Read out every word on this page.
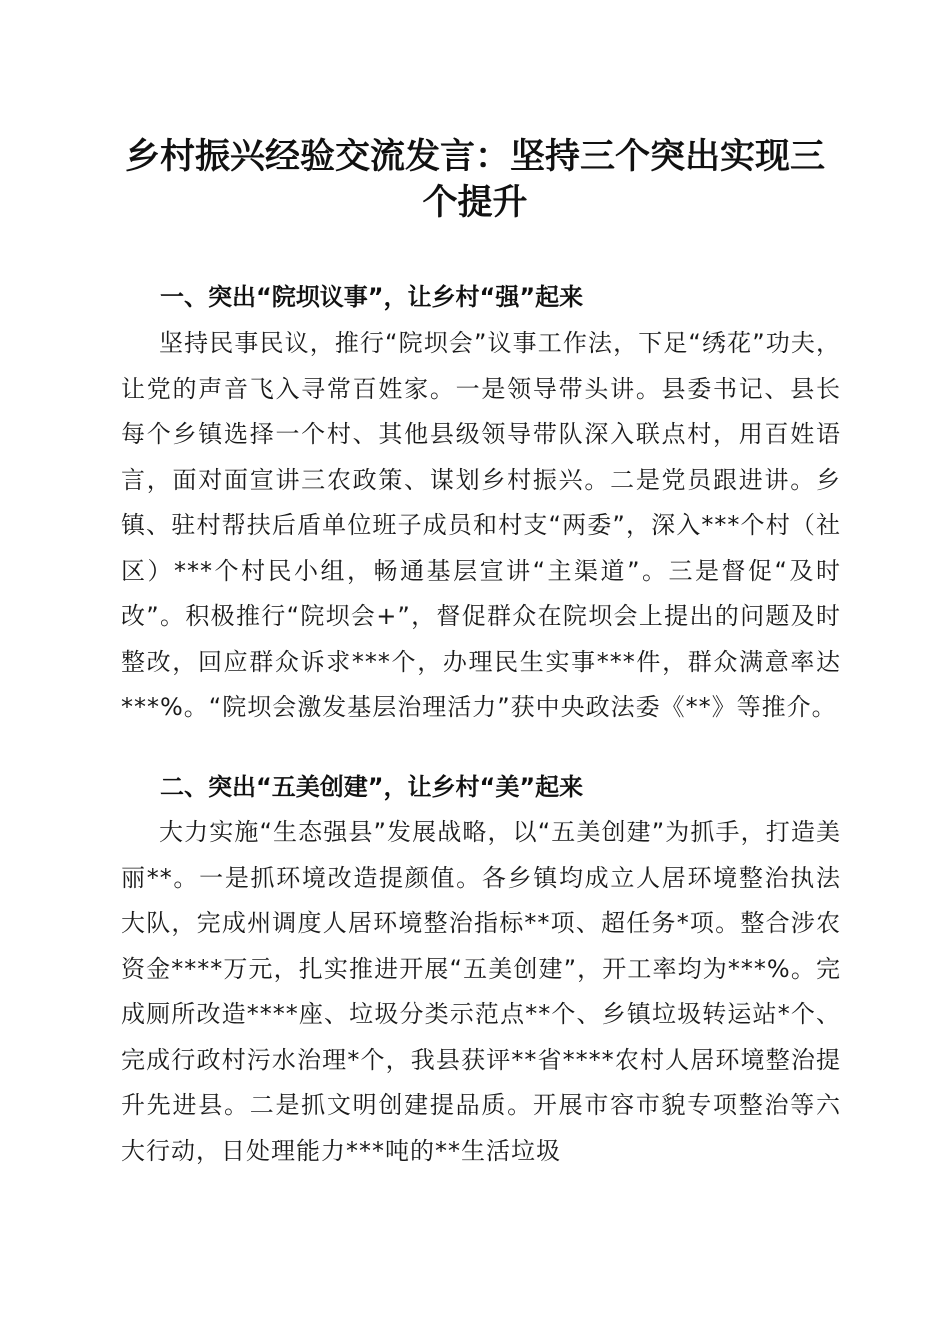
乡村振兴经验交流发言：坚持三个突出实现三个提升
一、突出“院坝议事”，让乡村“强”起来

坚持民事民议，推行“院坝会”议事工作法，下足“绣花”功夫，让党的声音飞入寻常百姓家。一是领导带头讲。县委书记、县长每个乡镇选择一个村、其他县级领导带队深入联点村，用百姓语言，面对面宣讲三农政策、谋划乡村振兴。二是党员跟进讲。乡镇、驻村帮扶后盾单位班子成员和村支“两委”，深入***个村（社区）***个村民小组，畅通基层宣讲“主渠道”。三是督促“及时改”。积极推行“院坝会+”，督促群众在院坝会上提出的问题及时整改，回应群众诉求***个，办理民生实事***件，群众满意率达***%。“院坝会激发基层治理活力”获中央政法委《**》等推介。

二、突出“五美创建”，让乡村“美”起来

大力实施“生态强县”发展战略，以“五美创建”为抓手，打造美丽**。一是抓环境改造提颜值。各乡镇均成立人居环境整治执法大队，完成州调度人居环境整治指标**项、超任务*项。整合涉农资金****万元，扎实推进开展“五美创建”，开工率均为***%。完成厕所改造****座、垃圾分类示范点**个、乡镇垃圾转运站*个、完成行政村污水治理*个，我县获评**省****农村人居环境整治提升先进县。二是抓文明创建提品质。开展市容市貌专项整治等六大行动，日处理能力***吨的**生活垃圾
